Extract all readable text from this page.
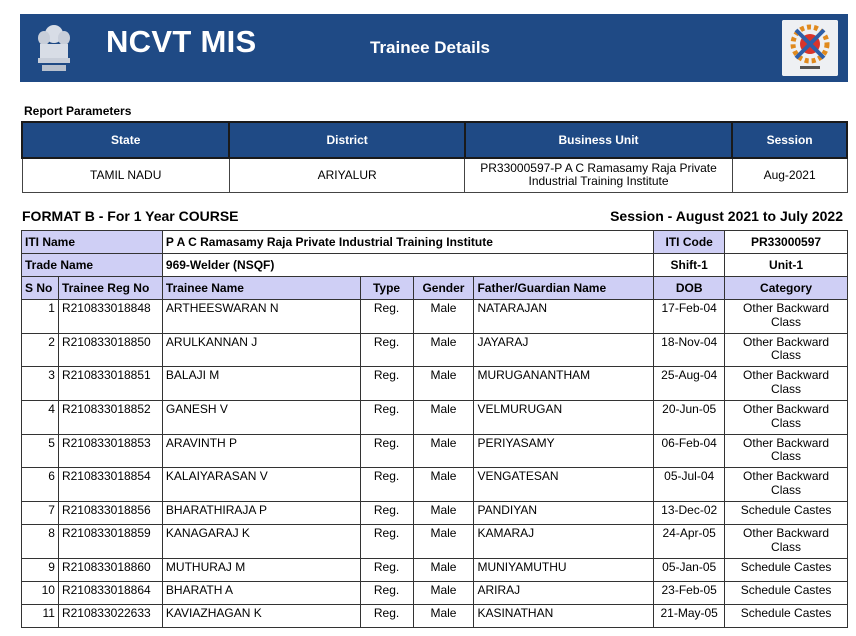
NCVT MIS	Trainee Details
Report Parameters
State	District	Business Unit	Session
TAMIL NADU	ARIYALUR	PR33000597-P A C Ramasamy Raja Private Industrial Training Institute	Aug-2021
FORMAT B - For 1 Year COURSE	Session - August 2021 to July 2022
ITI Name		P A C Ramasamy Raja Private Industrial Training Institute				ITI Code	PR33000597
Trade Name		969-Welder (NSQF)				Shift-1	Unit-1
S No	Trainee Reg No	Trainee Name	Type	Gender	Father/Guardian Name	DOB	Category
1	R210833018848	ARTHEESWARAN N	Reg.	Male	NATARAJAN	17-Feb-04	Other Backward Class
2	R210833018850	ARULKANNAN J	Reg.	Male	JAYARAJ	18-Nov-04	Other Backward Class
3	R210833018851	BALAJI M	Reg.	Male	MURUGANANTHAM	25-Aug-04	Other Backward Class
4	R210833018852	GANESH V	Reg.	Male	VELMURUGAN	20-Jun-05	Other Backward Class
5	R210833018853	ARAVINTH P	Reg.	Male	PERIYASAMY	06-Feb-04	Other Backward Class
6	R210833018854	KALAIYARASAN V	Reg.	Male	VENGATESAN	05-Jul-04	Other Backward Class
7	R210833018856	BHARATHIRAJA P	Reg.	Male	PANDIYAN	13-Dec-02	Schedule Castes
8	R210833018859	KANAGARAJ K	Reg.	Male	KAMARAJ	24-Apr-05	Other Backward Class
9	R210833018860	MUTHURAJ M	Reg.	Male	MUNIYAMUTHU	05-Jan-05	Schedule Castes
10	R210833018864	BHARATH A	Reg.	Male	ARIRAJ	23-Feb-05	Schedule Castes
11	R210833022633	KAVIAZHAGAN K	Reg.	Male	KASINATHAN	21-May-05	Schedule Castes
